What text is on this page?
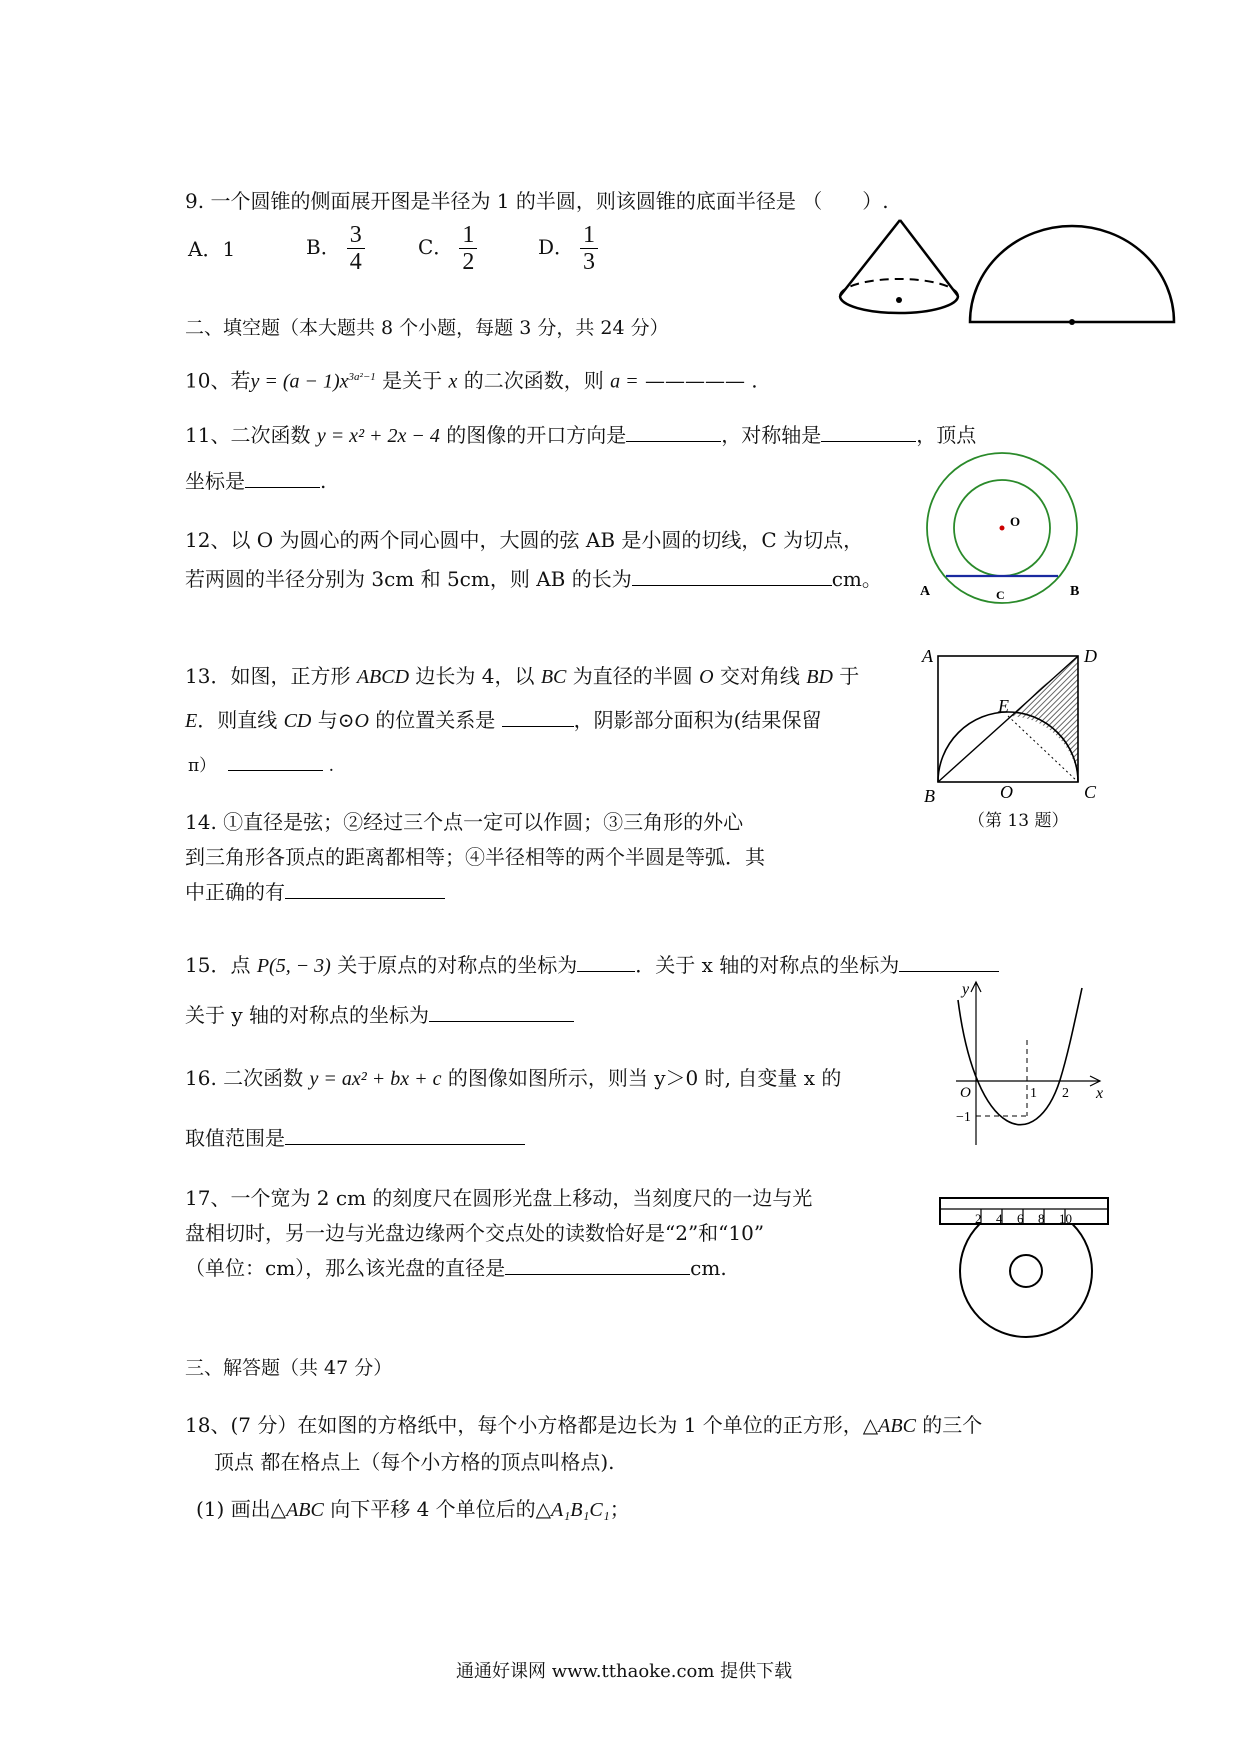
9. 一个圆锥的侧面展开图是半径为 1 的半圆，则该圆锥的底面半径是 （　　）.
A．1	B． $\frac{3}{4}$	C． $\frac{1}{2}$	D． $\frac{1}{3}$
二、填空题（本大题共 8 个小题，每题 3 分，共 24 分）
10、若$y = (a - 1)x^{3a^2-1}$ 是关于 x 的二次函数，则 a = ————— .
11、二次函数 y = x² + 2x − 4 的图像的开口方向是	，对称轴是	，顶点
坐标是	.
O
A	B
C
12、以 O 为圆心的两个同心圆中，大圆的弦 AB 是小圆的切线，C 为切点，
若两圆的半径分别为 3cm 和 5cm，则 AB 的长为	cm。
13．如图，正方形 ABCD 边长为 4，以 BC 为直径的半圆 O 交对角线 BD 于
E．则直线 CD 与⊙O 的位置关系是	，阴影部分面积为(结果保留
π）	.
A	D
E
B	O	C
（第 13 题）
14. ①直径是弦；②经过三个点一定可以作圆；③三角形的外心
到三角形各顶点的距离都相等；④半径相等的两个半圆是等弧．其
中正确的有
15．点 P(5, − 3) 关于原点的对称点的坐标为	．关于 x 轴的对称点的坐标为
关于 y 轴的对称点的坐标为
y
x
O	1 2
−1
16. 二次函数 y = ax² + bx + c 的图像如图所示，则当 y＞0 时, 自变量 x 的
取值范围是
17、一个宽为 2 cm 的刻度尺在圆形光盘上移动，当刻度尺的一边与光
盘相切时，另一边与光盘边缘两个交点处的读数恰好是“2”和“10”
（单位：cm），那么该光盘的直径是	cm.
2 4 6 8 10
三、解答题（共 47 分）
18、(7 分）在如图的方格纸中，每个小方格都是边长为 1 个单位的正方形，△ABC 的三个
顶点 都在格点上（每个小方格的顶点叫格点).
(1) 画出△ABC 向下平移 4 个单位后的△A₁B₁C₁；
通通好课网 www.tthaoke.com 提供下载
